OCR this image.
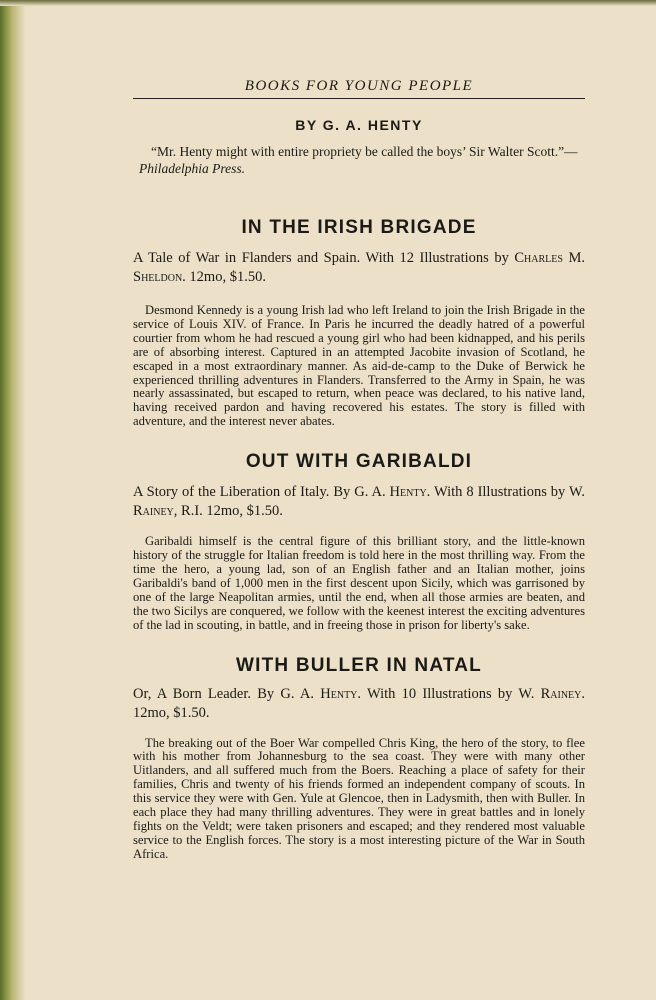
BOOKS FOR YOUNG PEOPLE
BY G. A. HENTY

“Mr. Henty might with entire propriety be called the boys’ Sir Walter Scott.”—Philadelphia Press.

IN THE IRISH BRIGADE
A Tale of War in Flanders and Spain. With 12 Illustrations by Charles M. Sheldon. 12mo, $1.50.

Desmond Kennedy is a young Irish lad who left Ireland to join the Irish Brigade in the service of Louis XIV. of France. In Paris he incurred the deadly hatred of a powerful courtier from whom he had rescued a young girl who had been kidnapped, and his perils are of absorbing interest. Captured in an attempted Jacobite invasion of Scotland, he escaped in a most extraordinary manner. As aid-de-camp to the Duke of Berwick he experienced thrilling adventures in Flanders. Transferred to the Army in Spain, he was nearly assassinated, but escaped to return, when peace was declared, to his native land, having received pardon and having recovered his estates. The story is filled with adventure, and the interest never abates.

OUT WITH GARIBALDI
A Story of the Liberation of Italy. By G. A. Henty. With 8 Illustrations by W. Rainey, R.I. 12mo, $1.50.

Garibaldi himself is the central figure of this brilliant story, and the little-known history of the struggle for Italian freedom is told here in the most thrilling way. From the time the hero, a young lad, son of an English father and an Italian mother, joins Garibaldi's band of 1,000 men in the first descent upon Sicily, which was garrisoned by one of the large Neapolitan armies, until the end, when all those armies are beaten, and the two Sicilys are conquered, we follow with the keenest interest the exciting adventures of the lad in scouting, in battle, and in freeing those in prison for liberty's sake.

WITH BULLER IN NATAL
Or, A Born Leader. By G. A. Henty. With 10 Illustrations by W. Rainey. 12mo, $1.50.

The breaking out of the Boer War compelled Chris King, the hero of the story, to flee with his mother from Johannesburg to the sea coast. They were with many other Uitlanders, and all suffered much from the Boers. Reaching a place of safety for their families, Chris and twenty of his friends formed an independent company of scouts. In this service they were with Gen. Yule at Glencoe, then in Ladysmith, then with Buller. In each place they had many thrilling adventures. They were in great battles and in lonely fights on the Veldt; were taken prisoners and escaped; and they rendered most valuable service to the English forces. The story is a most interesting picture of the War in South Africa.
